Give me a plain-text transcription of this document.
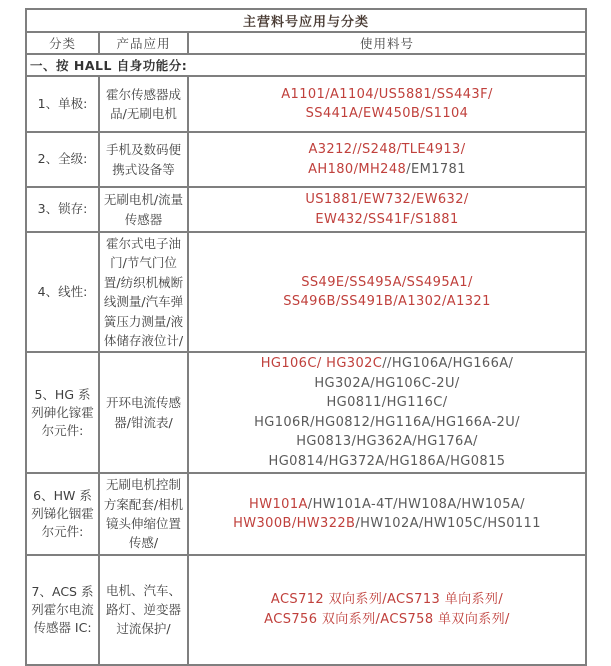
主营料号应用与分类		
分类	产品应用	使用料号
一、按 HALL 自身功能分:		
1、单极:	霍尔传感器成品/无刷电机	A1101/A1104/US5881/SS443F/
SS441A/EW450B/S1104

2、全级:	手机及数码便携式设备等	A3212//S248/TLE4913/
AH180/MH248/EM1781

3、锁存:	无刷电机/流量传感器	US1881/EW732/EW632/
EW432/SS41F/S1881

4、线性:	霍尔式电子油门/节气门位置/纺织机械断线测量/汽车弹簧压力测量/液体储存液位计/	SS49E/SS495A/SS495A1/
SS496B/SS491B/A1302/A1321

5、HG 系列砷化镓霍尔元件:	开环电流传感器/钳流表/	
HG106C/ HG302C//HG106A/HG166A/
HG302A/HG106C-2U/
HG0811/HG116C/
HG106R/HG0812/HG116A/HG166A-2U/
HG0813/HG362A/HG176A/
HG0814/HG372A/HG186A/HG0815

6、HW 系列锑化铟霍尔元件:	无刷电机控制方案配套/相机镜头伸缩位置传感/	HW101A/HW101A-4T/HW108A/HW105A/
HW300B/HW322B/HW102A/HW105C/HS0111

7、ACS 系列霍尔电流传感器 IC:	电机、汽车、路灯、逆变器过流保护/	ACS712 双向系列/ACS713 单向系列/
ACS756 双向系列/ACS758 单双向系列/
